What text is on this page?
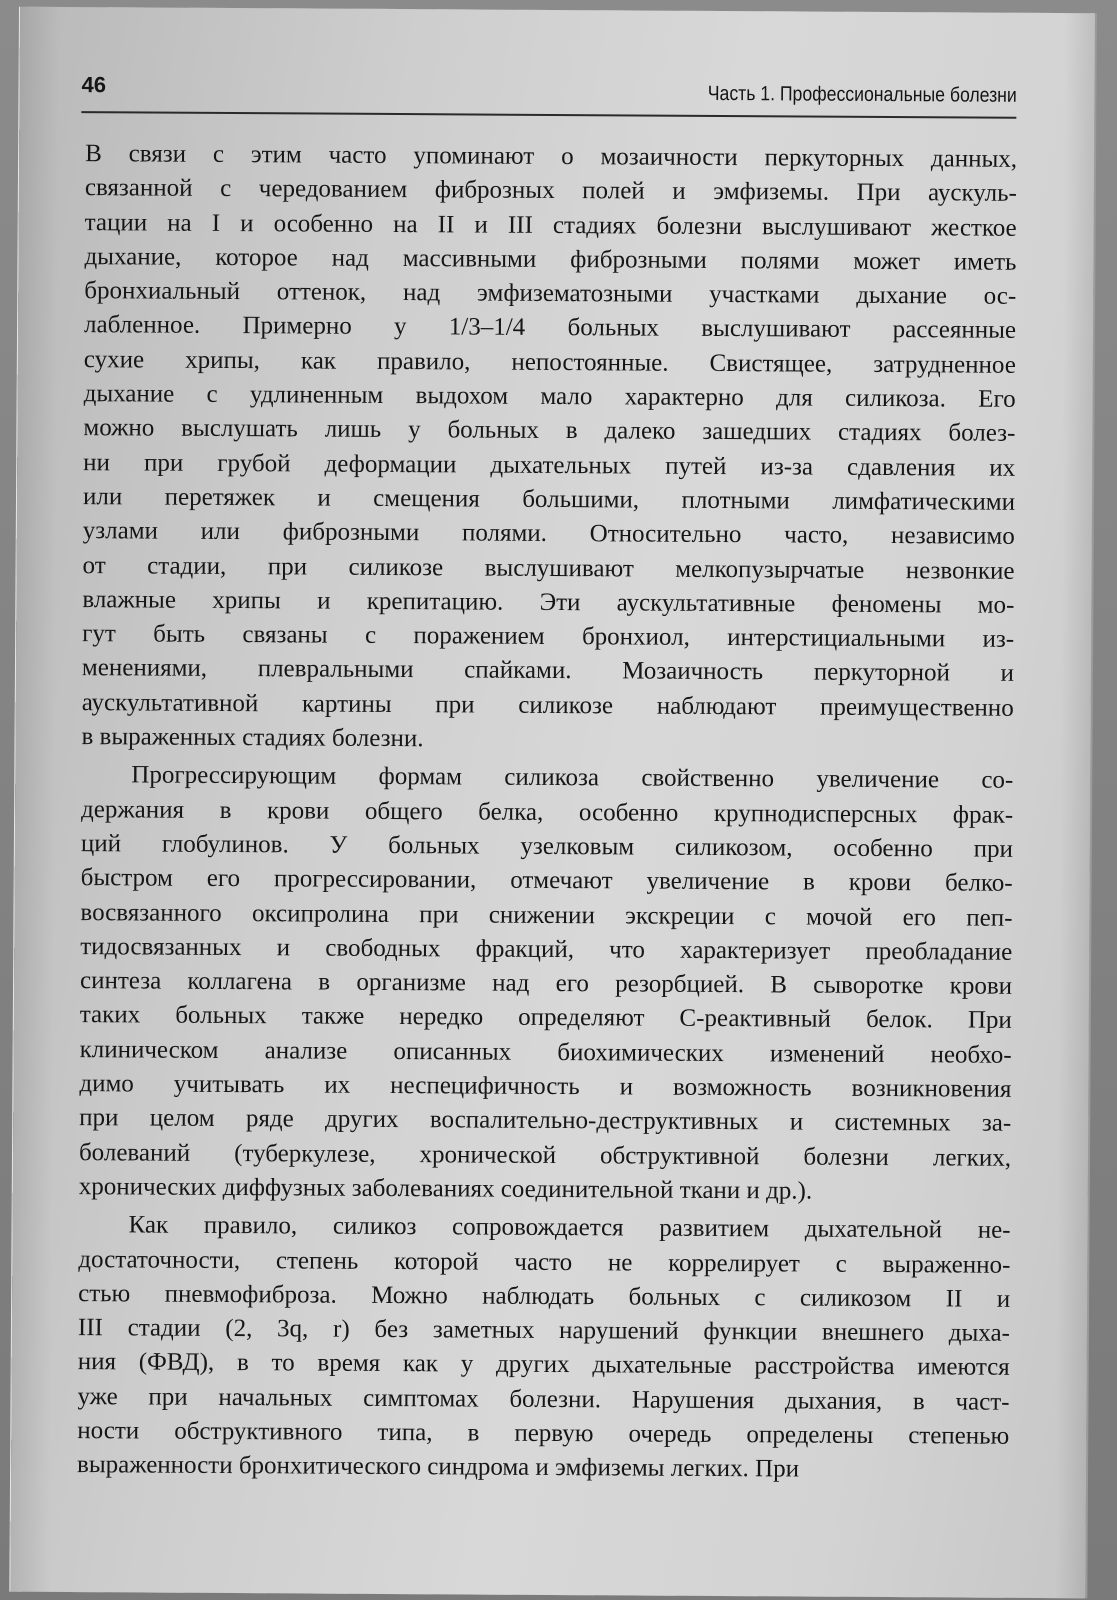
46	Часть 1. Профессиональные болезни
В связи с этим часто упоминают о мозаичности перкуторных данных,
связанной с чередованием фиброзных полей и эмфиземы. При аускуль-
тации на I и особенно на II и III стадиях болезни выслушивают жесткое
дыхание, которое над массивными фиброзными полями может иметь
бронхиальный оттенок, над эмфизематозными участками дыхание ос-
лабленное. Примерно у 1/3–1/4 больных выслушивают рассеянные
сухие хрипы, как правило, непостоянные. Свистящее, затрудненное
дыхание с удлиненным выдохом мало характерно для силикоза. Его
можно выслушать лишь у больных в далеко зашедших стадиях болез-
ни при грубой деформации дыхательных путей из-за сдавления их
или перетяжек и смещения большими, плотными лимфатическими
узлами или фиброзными полями. Относительно часто, независимо
от стадии, при силикозе выслушивают мелкопузырчатые незвонкие
влажные хрипы и крепитацию. Эти аускультативные феномены мо-
гут быть связаны с поражением бронхиол, интерстициальными из-
менениями, плевральными спайками. Мозаичность перкуторной и
аускультативной картины при силикозе наблюдают преимущественно
в выраженных стадиях болезни.
Прогрессирующим формам силикоза свойственно увеличение со-
держания в крови общего белка, особенно крупнодисперсных фрак-
ций глобулинов. У больных узелковым силикозом, особенно при
быстром его прогрессировании, отмечают увеличение в крови белко-
восвязанного оксипролина при снижении экскреции с мочой его пеп-
тидосвязанных и свободных фракций, что характеризует преобладание
синтеза коллагена в организме над его резорбцией. В сыворотке крови
таких больных также нередко определяют С-реактивный белок. При
клиническом анализе описанных биохимических изменений необхо-
димо учитывать их неспецифичность и возможность возникновения
при целом ряде других воспалительно-деструктивных и системных за-
болеваний (туберкулезе, хронической обструктивной болезни легких,
хронических диффузных заболеваниях соединительной ткани и др.).
Как правило, силикоз сопровождается развитием дыхательной не-
достаточности, степень которой часто не коррелирует с выраженно-
стью пневмофиброза. Можно наблюдать больных с силикозом II и
III стадии (2, 3q, r) без заметных нарушений функции внешнего дыха-
ния (ФВД), в то время как у других дыхательные расстройства имеются
уже при начальных симптомах болезни. Нарушения дыхания, в част-
ности обструктивного типа, в первую очередь определены степенью
выраженности бронхитического синдрома и эмфиземы легких. При
